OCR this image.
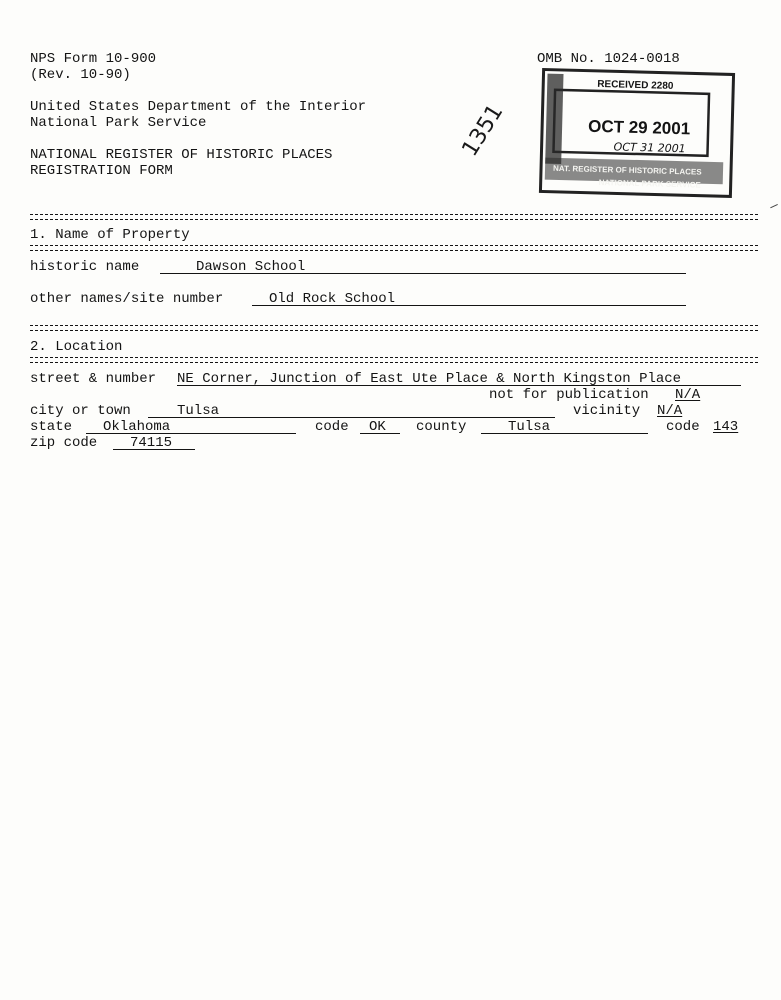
NPS Form 10-900
(Rev. 10-90)
OMB No. 1024-0018
United States Department of the Interior
National Park Service
NATIONAL REGISTER OF HISTORIC PLACES
REGISTRATION FORM
RECEIVED 2280
OCT 29 2001
OCT 31 2001
NAT. REGISTER OF HISTORIC PLACES
NATIONAL PARK SERVICE
1351
1. Name of Property
historic name	Dawson School
other names/site number	Old Rock School
2. Location
street & number NE Corner, Junction of East Ute Place & North Kingston Place
not for publication N/A
city or town	Tulsa	vicinity N/A
state Oklahoma	code OK county	Tulsa	code 143
zip code 74115
